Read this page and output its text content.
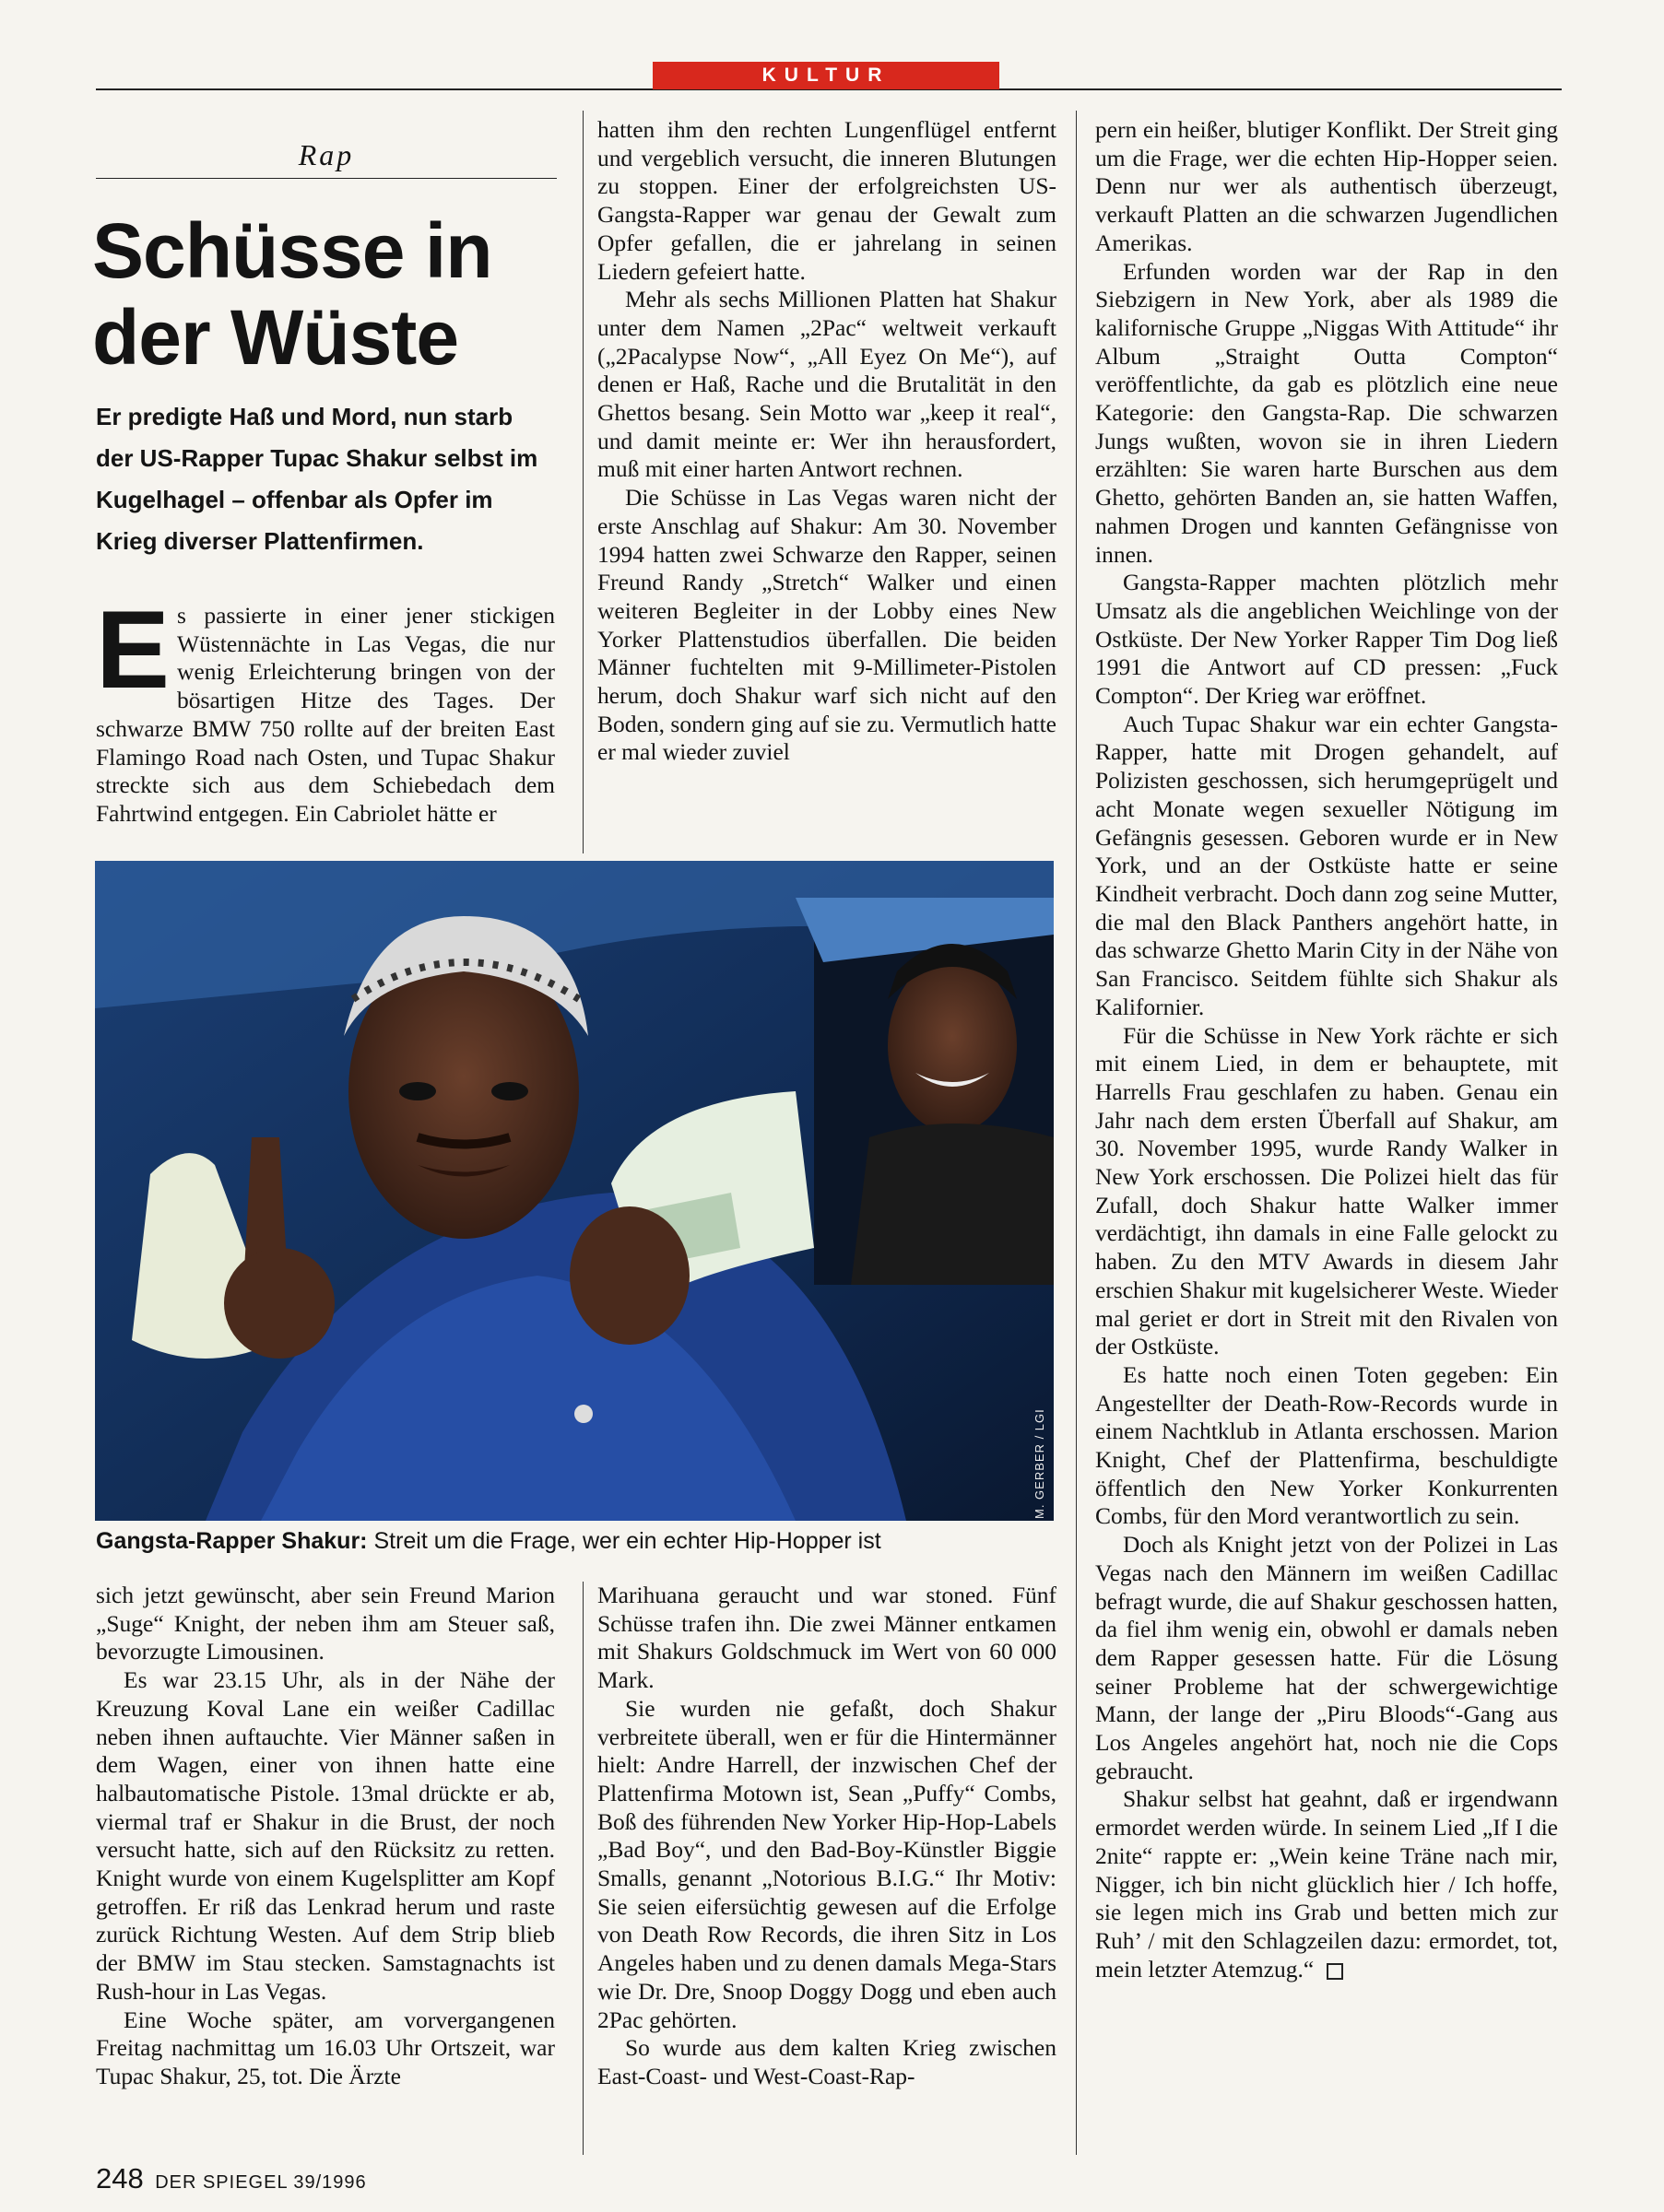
KULTUR
Rap
Schüsse in
der Wüste

Er predigte Haß und Mord, nun starb der US-Rapper Tupac Shakur selbst im Kugelhagel – offenbar als Opfer im Krieg diverser Plattenfirmen.

Es passierte in einer jener stickigen Wüstennächte in Las Vegas, die nur wenig Erleichterung bringen von der bösartigen Hitze des Tages. Der schwarze BMW 750 rollte auf der breiten East Flamingo Road nach Osten, und Tupac Shakur streckte sich aus dem Schiebedach dem Fahrtwind entgegen. Ein Cabriolet hätte er

hatten ihm den rechten Lungenflügel entfernt und vergeblich versucht, die inneren Blutungen zu stoppen. Einer der erfolgreichsten US-Gangsta-Rapper war genau der Gewalt zum Opfer gefallen, die er jahrelang in seinen Liedern gefeiert hatte.

Mehr als sechs Millionen Platten hat Shakur unter dem Namen „2Pac“ weltweit verkauft („2Pacalypse Now“, „All Eyez On Me“), auf denen er Haß, Rache und die Brutalität in den Ghettos besang. Sein Motto war „keep it real“, und damit meinte er: Wer ihn herausfordert, muß mit einer harten Antwort rechnen.

Die Schüsse in Las Vegas waren nicht der erste Anschlag auf Shakur: Am 30. November 1994 hatten zwei Schwarze den Rapper, seinen Freund Randy „Stretch“ Walker und einen weiteren Begleiter in der Lobby eines New Yorker Plattenstudios überfallen. Die beiden Männer fuchtelten mit 9-Millimeter-Pistolen herum, doch Shakur warf sich nicht auf den Boden, sondern ging auf sie zu. Vermutlich hatte er mal wieder zuviel

M. GERBER / LGI
Gangsta-Rapper Shakur: Streit um die Frage, wer ein echter Hip-Hopper ist

sich jetzt gewünscht, aber sein Freund Marion „Suge“ Knight, der neben ihm am Steuer saß, bevorzugte Limousinen.

Es war 23.15 Uhr, als in der Nähe der Kreuzung Koval Lane ein weißer Cadillac neben ihnen auftauchte. Vier Männer saßen in dem Wagen, einer von ihnen hatte eine halbautomatische Pistole. 13mal drückte er ab, viermal traf er Shakur in die Brust, der noch versucht hatte, sich auf den Rücksitz zu retten. Knight wurde von einem Kugelsplitter am Kopf getroffen. Er riß das Lenkrad herum und raste zurück Richtung Westen. Auf dem Strip blieb der BMW im Stau stecken. Samstagnachts ist Rush-hour in Las Vegas.

Eine Woche später, am vorvergangenen Freitag nachmittag um 16.03 Uhr Ortszeit, war Tupac Shakur, 25, tot. Die Ärzte

Marihuana geraucht und war stoned. Fünf Schüsse trafen ihn. Die zwei Männer entkamen mit Shakurs Goldschmuck im Wert von 60 000 Mark.

Sie wurden nie gefaßt, doch Shakur verbreitete überall, wen er für die Hintermänner hielt: Andre Harrell, der inzwischen Chef der Plattenfirma Motown ist, Sean „Puffy“ Combs, Boß des führenden New Yorker Hip-Hop-Labels „Bad Boy“, und den Bad-Boy-Künstler Biggie Smalls, genannt „Notorious B.I.G.“ Ihr Motiv: Sie seien eifersüchtig gewesen auf die Erfolge von Death Row Records, die ihren Sitz in Los Angeles haben und zu denen damals Mega-Stars wie Dr. Dre, Snoop Doggy Dogg und eben auch 2Pac gehörten.

So wurde aus dem kalten Krieg zwischen East-Coast- und West-Coast-Rap-

pern ein heißer, blutiger Konflikt. Der Streit ging um die Frage, wer die echten Hip-Hopper seien. Denn nur wer als authentisch überzeugt, verkauft Platten an die schwarzen Jugendlichen Amerikas.

Erfunden worden war der Rap in den Siebzigern in New York, aber als 1989 die kalifornische Gruppe „Niggas With Attitude“ ihr Album „Straight Outta Compton“ veröffentlichte, da gab es plötzlich eine neue Kategorie: den Gangsta-Rap. Die schwarzen Jungs wußten, wovon sie in ihren Liedern erzählten: Sie waren harte Burschen aus dem Ghetto, gehörten Banden an, sie hatten Waffen, nahmen Drogen und kannten Gefängnisse von innen.

Gangsta-Rapper machten plötzlich mehr Umsatz als die angeblichen Weichlinge von der Ostküste. Der New Yorker Rapper Tim Dog ließ 1991 die Antwort auf CD pressen: „Fuck Compton“. Der Krieg war eröffnet.

Auch Tupac Shakur war ein echter Gangsta-Rapper, hatte mit Drogen gehandelt, auf Polizisten geschossen, sich herumgeprügelt und acht Monate wegen sexueller Nötigung im Gefängnis gesessen. Geboren wurde er in New York, und an der Ostküste hatte er seine Kindheit verbracht. Doch dann zog seine Mutter, die mal den Black Panthers angehört hatte, in das schwarze Ghetto Marin City in der Nähe von San Francisco. Seitdem fühlte sich Shakur als Kalifornier.

Für die Schüsse in New York rächte er sich mit einem Lied, in dem er behauptete, mit Harrells Frau geschlafen zu haben. Genau ein Jahr nach dem ersten Überfall auf Shakur, am 30. November 1995, wurde Randy Walker in New York erschossen. Die Polizei hielt das für Zufall, doch Shakur hatte Walker immer verdächtigt, ihn damals in eine Falle gelockt zu haben. Zu den MTV Awards in diesem Jahr erschien Shakur mit kugelsicherer Weste. Wieder mal geriet er dort in Streit mit den Rivalen von der Ostküste.

Es hatte noch einen Toten gegeben: Ein Angestellter der Death-Row-Records wurde in einem Nachtklub in Atlanta erschossen. Marion Knight, Chef der Plattenfirma, beschuldigte öffentlich den New Yorker Konkurrenten Combs, für den Mord verantwortlich zu sein.

Doch als Knight jetzt von der Polizei in Las Vegas nach den Männern im weißen Cadillac befragt wurde, die auf Shakur geschossen hatten, da fiel ihm wenig ein, obwohl er damals neben dem Rapper gesessen hatte. Für die Lösung seiner Probleme hat der schwergewichtige Mann, der lange der „Piru Bloods“-Gang aus Los Angeles angehört hat, noch nie die Cops gebraucht.

Shakur selbst hat geahnt, daß er irgendwann ermordet werden würde. In seinem Lied „If I die 2nite“ rappte er: „Wein keine Träne nach mir, Nigger, ich bin nicht glücklich hier / Ich hoffe, sie legen mich ins Grab und betten mich zur Ruh’ / mit den Schlagzeilen dazu: ermordet, tot, mein letzter Atemzug.“

248 DER SPIEGEL 39/1996
